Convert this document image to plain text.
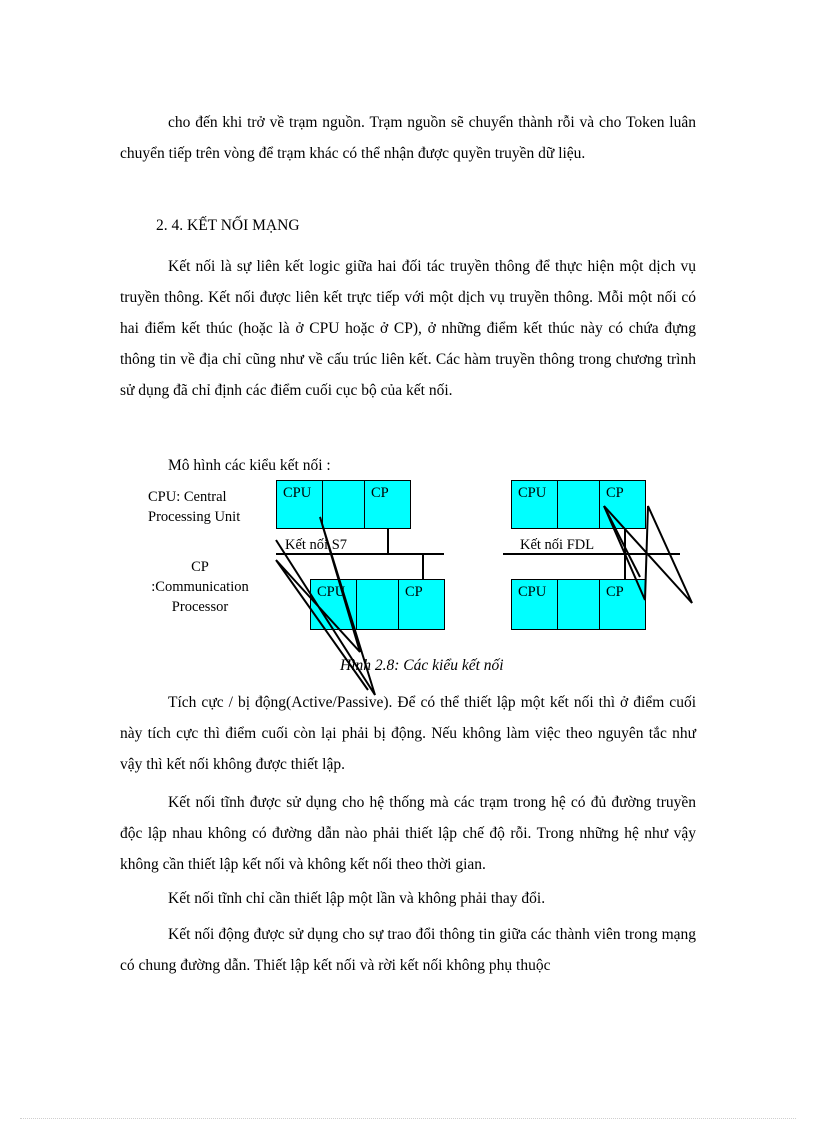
cho đến khi trở về trạm nguồn. Trạm nguồn sẽ chuyển thành rỗi và cho Token luân chuyển tiếp trên vòng để trạm khác có thể nhận được quyền truyền dữ liệu.

2. 4. KẾT NỐI MẠNG

Kết nối là sự liên kết logic giữa hai đối tác truyền thông để thực hiện một dịch vụ truyền thông. Kết nối được liên kết trực tiếp với một dịch vụ truyền thông. Mỗi một nối có hai điểm kết thúc (hoặc là ở CPU hoặc ở CP), ở những điểm kết thúc này có chứa đựng thông tin về địa chỉ cũng như về cấu trúc liên kết. Các hàm truyền thông trong chương trình sử dụng đã chỉ định các điểm cuối cục bộ của kết nối.

Mô hình các kiểu kết nối :
CPU: Central
Processing Unit
CP
:Communication
Processor
CPU	CP
CPU	CP
Kết nối S7
CPU	CP
CPU	CP
Kết nối FDL
Hình 2.8: Các kiểu kết nối

Tích cực / bị động(Active/Passive). Để có thể thiết lập một kết nối thì ở điểm cuối này tích cực thì điểm cuối còn lại phải bị động. Nếu không làm việc theo nguyên tắc như vậy thì kết nối không được thiết lập.

Kết nối tĩnh được sử dụng cho hệ thống mà các trạm trong hệ có đủ đường truyền độc lập nhau không có đường dẫn nào phải thiết lập chế độ rỗi. Trong những hệ như vậy không cần thiết lập kết nối và không kết nối theo thời gian.

Kết nối tĩnh chỉ cần thiết lập một lần và không phải thay đổi.

Kết nối động được sử dụng cho sự trao đổi thông tin giữa các thành viên trong mạng có chung đường dẫn. Thiết lập kết nối và rời kết nối không phụ thuộc
